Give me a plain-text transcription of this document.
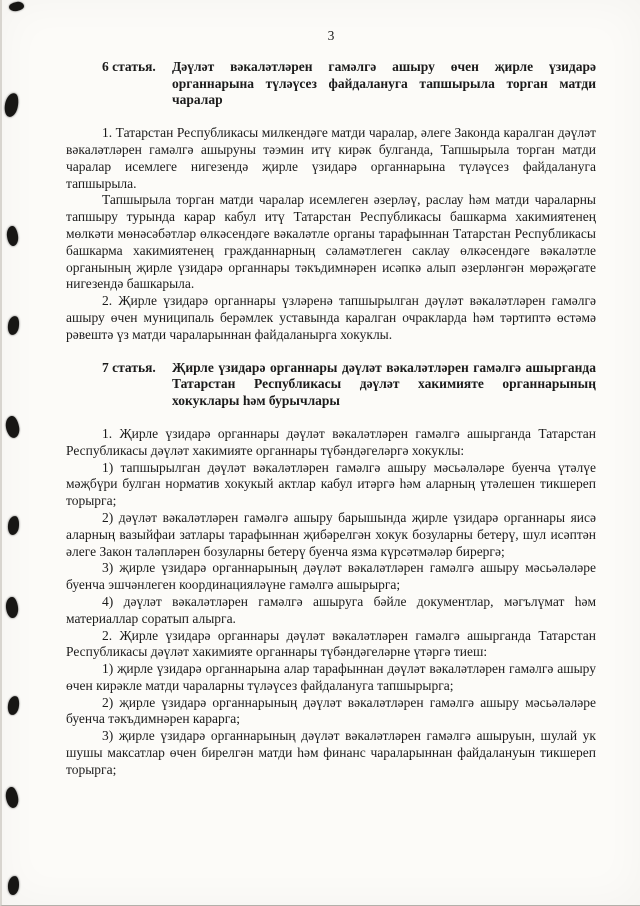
3
6 статья.	Дәүләт вәкаләтләрен гамәлгә ашыру өчен җирле үзидарә органнарына түләүсез файдалануга тапшырыла торган матди чаралар

1. Татарстан Республикасы милкендәге матди чаралар, әлеге Законда каралган дәүләт вәкаләтләрен гамәлгә ашыруны тәэмин итү кирәк булганда, Тапшырыла торган матди чаралар исемлеге нигезендә җирле үзидарә органнарына түләүсез файдалануга тапшырыла.

Тапшырыла торган матди чаралар исемлеген әзерләү, раслау һәм матди чараларны тапшыру турында карар кабул итү Татарстан Республикасы башкарма хакимиятенең мөлкәти мөнәсәбәтләр өлкәсендәге вәкаләтле органы тарафыннан Татарстан Республикасы башкарма хакимиятенең гражданнарның сәламәтлеген саклау өлкәсендәге вәкаләтле органының җирле үзидарә органнары тәкъдимнәрен исәпкә алып әзерләнгән мөрәҗәгате нигезендә башкарыла.

2. Җирле үзидарә органнары үзләренә тапшырылган дәүләт вәкаләтләрен гамәлгә ашыру өчен муниципаль берәмлек уставында каралган очракларда һәм тәртиптә өстәмә рәвештә үз матди чараларыннан файдаланырга хокуклы.

7 статья.	Җирле үзидарә органнары дәүләт вәкаләтләрен гамәлгә ашырганда Татарстан Республикасы дәүләт хакимияте органнарының хокуклары һәм бурычлары

1. Җирле үзидарә органнары дәүләт вәкаләтләрен гамәлгә ашырганда Татарстан Республикасы дәүләт хакимияте органнары түбәндәгеләргә хокуклы:

1) тапшырылган дәүләт вәкаләтләрен гамәлгә ашыру мәсьәләләре буенча үтәлүе мәҗбүри булган норматив хокукый актлар кабул итәргә һәм аларның үтәлешен тикшереп торырга;

2) дәүләт вәкаләтләрен гамәлгә ашыру барышында җирле үзидарә органнары яисә аларның вазыйфаи затлары тарафыннан җибәрелгән хокук бозуларны бетерү, шул исәптән әлеге Закон таләпләрен бозуларны бетерү буенча язма күрсәтмәләр бирергә;

3) җирле үзидарә органнарының дәүләт вәкаләтләрен гамәлгә ашыру мәсьәләләре буенча эшчәнлеген координацияләүне гамәлгә ашырырга;

4) дәүләт вәкаләтләрен гамәлгә ашыруга бәйле документлар, мәгълүмат һәм материаллар соратып алырга.

2. Җирле үзидарә органнары дәүләт вәкаләтләрен гамәлгә ашырганда Татарстан Республикасы дәүләт хакимияте органнары түбәндәгеләрне үтәргә тиеш:

1) җирле үзидарә органнарына алар тарафыннан дәүләт вәкаләтләрен гамәлгә ашыру өчен кирәкле матди чараларны түләүсез файдалануга тапшырырга;

2) җирле үзидарә органнарының дәүләт вәкаләтләрен гамәлгә ашыру мәсьәләләре буенча тәкъдимнәрен карарга;

3) җирле үзидарә органнарының дәүләт вәкаләтләрен гамәлгә ашыруын, шулай ук шушы максатлар өчен бирелгән матди һәм финанс чараларыннан файдалануын тикшереп торырга;
